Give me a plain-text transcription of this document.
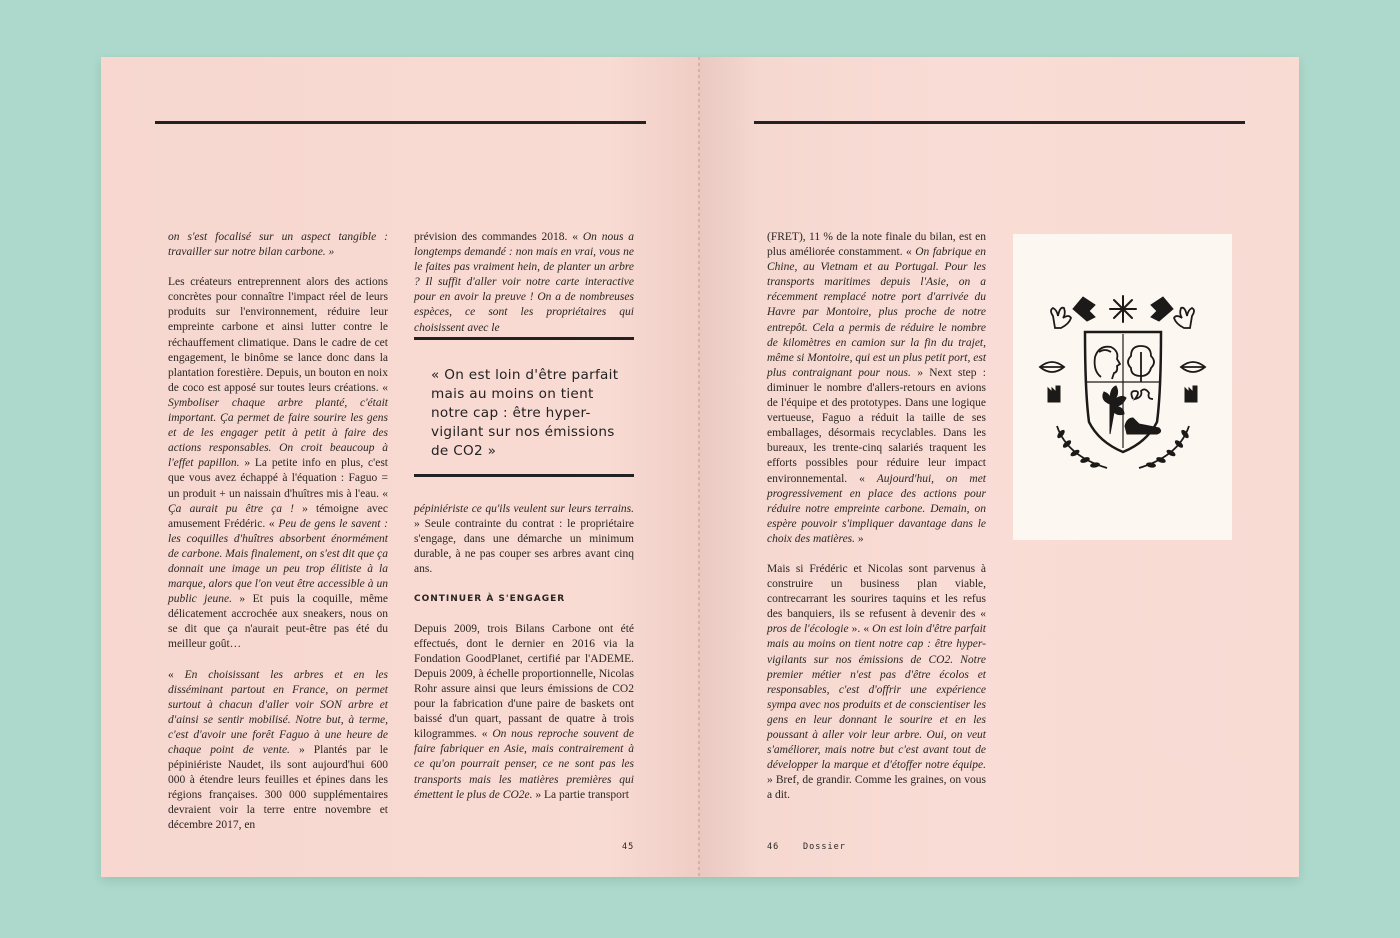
on s'est focalisé sur un aspect tangible : travailler sur notre bilan carbone. »

Les créateurs entreprennent alors des actions concrètes pour connaître l'impact réel de leurs produits sur l'environnement, réduire leur empreinte carbone et ainsi lutter contre le réchauffement climatique. Dans le cadre de cet engagement, le binôme se lance donc dans la plantation forestière. Depuis, un bouton en noix de coco est apposé sur toutes leurs créations. « Symboliser chaque arbre planté, c'était important. Ça permet de faire sourire les gens et de les engager petit à petit à faire des actions responsables. On croit beaucoup à l'effet papillon. » La petite info en plus, c'est que vous avez échappé à l'équation : Faguo = un produit + un naissain d'huîtres mis à l'eau. « Ça aurait pu être ça ! » témoigne avec amusement Frédéric. « Peu de gens le savent : les coquilles d'huîtres absorbent énormément de carbone. Mais finalement, on s'est dit que ça donnait une image un peu trop élitiste à la marque, alors que l'on veut être accessible à un public jeune. » Et puis la coquille, même délicatement accrochée aux sneakers, nous on se dit que ça n'aurait peut-être pas été du meilleur goût…

« En choisissant les arbres et en les disséminant partout en France, on permet surtout à chacun d'aller voir SON arbre et d'ainsi se sentir mobilisé. Notre but, à terme, c'est d'avoir une forêt Faguo à une heure de chaque point de vente. » Plantés par le pépiniériste Naudet, ils sont aujourd'hui 600 000 à étendre leurs feuilles et épines dans les régions françaises. 300 000 supplémentaires devraient voir la terre entre novembre et décembre 2017, en

prévision des commandes 2018. « On nous a longtemps demandé : non mais en vrai, vous ne le faites pas vraiment hein, de planter un arbre ? Il suffit d'aller voir notre carte interactive pour en avoir la preuve ! On a de nombreuses espèces, ce sont les propriétaires qui choisissent avec le

« On est loin d'être parfait mais au moins on tient notre cap : être hyper-vigilant sur nos émissions de CO2 »

pépiniériste ce qu'ils veulent sur leurs terrains. » Seule contrainte du contrat : le propriétaire s'engage, dans une démarche un minimum durable, à ne pas couper ses arbres avant cinq ans.

CONTINUER À S'ENGAGER

Depuis 2009, trois Bilans Carbone ont été effectués, dont le dernier en 2016 via la Fondation GoodPlanet, certifié par l'ADEME. Depuis 2009, à échelle proportionnelle, Nicolas Rohr assure ainsi que leurs émissions de CO2 pour la fabrication d'une paire de baskets ont baissé d'un quart, passant de quatre à trois kilogrammes. « On nous reproche souvent de faire fabriquer en Asie, mais contrairement à ce qu'on pourrait penser, ce ne sont pas les transports mais les matières premières qui émettent le plus de CO2e. » La partie transport

45

(FRET), 11 % de la note finale du bilan, est en plus améliorée constamment. « On fabrique en Chine, au Vietnam et au Portugal. Pour les transports maritimes depuis l'Asie, on a récemment remplacé notre port d'arrivée du Havre par Montoire, plus proche de notre entrepôt. Cela a permis de réduire le nombre de kilomètres en camion sur la fin du trajet, même si Montoire, qui est un plus petit port, est plus contraignant pour nous. » Next step : diminuer le nombre d'allers-retours en avions de l'équipe et des prototypes. Dans une logique vertueuse, Faguo a réduit la taille de ses emballages, désormais recyclables. Dans les bureaux, les trente-cinq salariés traquent les efforts possibles pour réduire leur impact environnemental. « Aujourd'hui, on met progressivement en place des actions pour réduire notre empreinte carbone. Demain, on espère pouvoir s'impliquer davantage dans le choix des matières. »

Mais si Frédéric et Nicolas sont parvenus à construire un business plan viable, contrecarrant les sourires taquins et les refus des banquiers, ils se refusent à devenir des « pros de l'écologie ». « On est loin d'être parfait mais au moins on tient notre cap : être hyper-vigilants sur nos émissions de CO2. Notre premier métier n'est pas d'être écolos et responsables, c'est d'offrir une expérience sympa avec nos produits et de conscientiser les gens en leur donnant le sourire et en les poussant à aller voir leur arbre. Oui, on veut s'améliorer, mais notre but c'est avant tout de développer la marque et d'étoffer notre équipe. » Bref, de grandir. Comme les graines, on vous a dit.

46	Dossier
